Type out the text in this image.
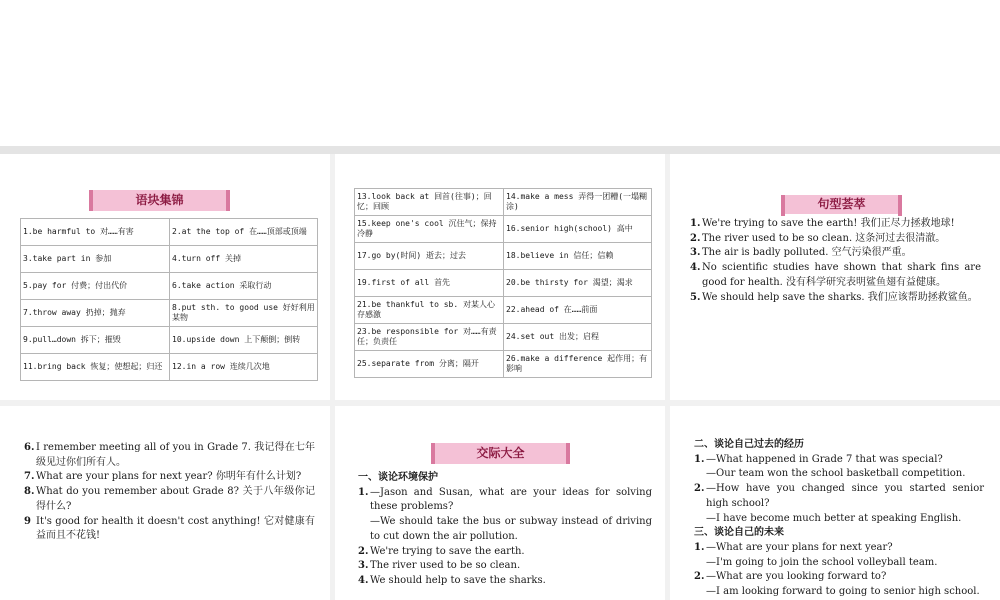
语块集锦
1.be harmful to 对……有害	2.at the top of 在……顶部或顶端
3.take part in 参加	4.turn off 关掉
5.pay for 付费；付出代价	6.take action 采取行动
7.throw away 扔掉；抛弃	8.put sth. to good use 好好利用某物
9.pull…down 拆下；摧毁	10.upside down 上下颠倒；倒转
11.bring back 恢复；使想起；归还	12.in a row 连续几次地
13.look back at 回首(往事)；回忆；回顾	14.make a mess 弄得一团糟(一塌糊涂)
15.keep one's cool 沉住气；保持冷静	16.senior high(school) 高中
17.go by(时间) 逝去；过去	18.believe in 信任；信赖
19.first of all 首先	20.be thirsty for 渴望；渴求
21.be thankful to sb. 对某人心存感激	22.ahead of 在……前面
23.be responsible for 对……有责任；负责任	24.set out 出发；启程
25.separate from 分离；隔开	26.make a difference 起作用；有影响
句型荟萃
1. We're trying to save the earth! 我们正尽力拯救地球!
2. The river used to be so clean. 这条河过去很清澈。
3. The air is badly polluted. 空气污染很严重。
4. No scientific studies have shown that shark fins are good for health. 没有科学研究表明鲨鱼翅有益健康。
5. We should help save the sharks. 我们应该帮助拯救鲨鱼。
6. I remember meeting all of you in Grade 7. 我记得在七年级见过你们所有人。
7. What are your plans for next year? 你明年有什么计划?
8. What do you remember about Grade 8? 关于八年级你记得什么?
9 It's good for health it doesn't cost anything! 它对健康有益而且不花钱!
交际大全
一、谈论环境保护
1. —Jason and Susan, what are your ideas for solving these problems?
—We should take the bus or subway instead of driving to cut down the air pollution.
2. We're trying to save the earth.
3. The river used to be so clean.
4. We should help to save the sharks.
二、谈论自己过去的经历
1. —What happened in Grade 7 that was special?
—Our team won the school basketball competition.
2. —How have you changed since you started senior high school?
—I have become much better at speaking English.
三、谈论自己的未来
1. —What are your plans for next year?
—I'm going to join the school volleyball team.
2. —What are you looking forward to?
—I am looking forward to going to senior high school.
